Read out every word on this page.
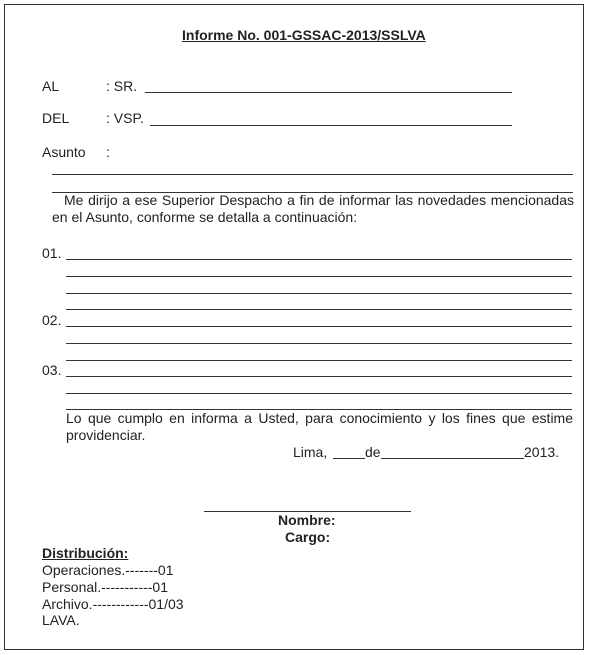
Informe No. 001-GSSAC-2013/SSLVA
AL	: SR.
DEL	: VSP.
Asunto :
Me dirijo a ese Superior Despacho a fin de informar las novedades mencionadas en el Asunto, conforme se detalla a continuación:
01.
02.
03.
Lo que cumplo en informa a Usted, para conocimiento y los fines que estime providenciar.
Lima,	de	2013.
Nombre:
Cargo:
Distribución:
Operaciones.-------01
Personal.-----------01
Archivo.------------01/03
LAVA.
